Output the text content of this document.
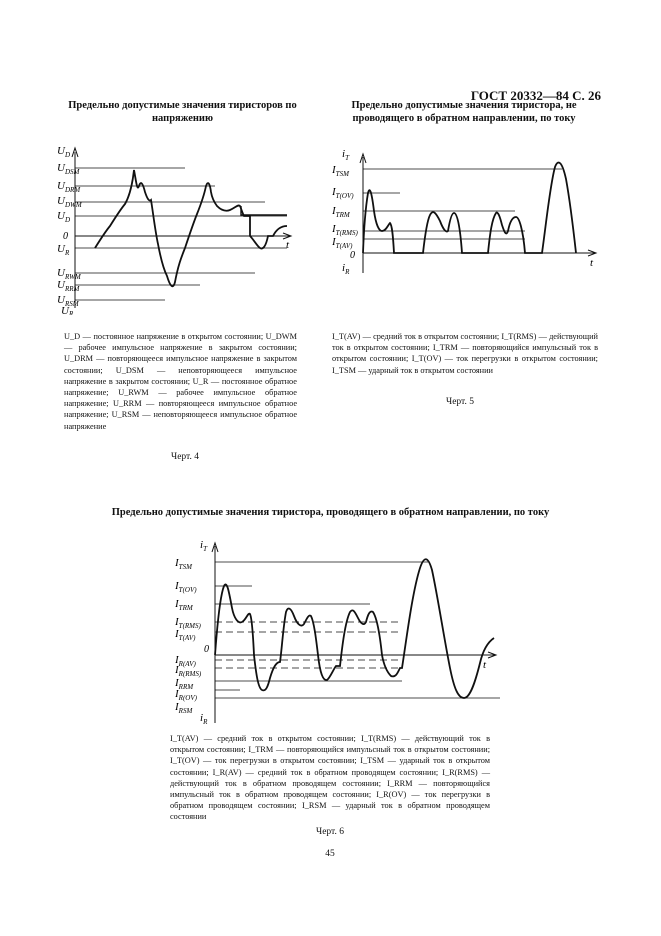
ГОСТ 20332—84 С. 26
Предельно допустимые значения тиристоров по напряжению
$U_D$
$U_{DSM}$
$U_{DRM}$
$U_{DWM}$
$U_D$
0
t
$U_R$
$U_{RWM}$
$U_{RRM}$
$U_{RSM}$
UR
U_D — постоянное напряжение в открытом состоянии; U_DWM — рабочее импульсное напряжение в закрытом состоянии; U_DRM — повторяющееся импульсное напряжение в закрытом состоянии; U_DSM — неповторяющееся импульсное напряжение в закрытом состоянии; U_R — постоянное обратное напряжение; U_RWM — рабочее импульсное обратное напряжение; U_RRM — повторяющееся импульсное обратное напряжение; U_RSM — неповторяющееся импульсное обратное напряжение
Черт. 4
Предельно допустимые значения тиристора, не проводящего в обратном направлении, по току
$i_T$
$I_{TSM}$
$I_{T(OV)}$
$I_{TRM}$
$I_{T(RMS)}$
$I_{T(AV)}$
0
t
$i_R$
I_T(AV) — средний ток в открытом состоянии; I_T(RMS) — действующий ток в открытом состоянии; I_TRM — повторяющийся импульсный ток в открытом состоянии; I_T(OV) — ток перегрузки в открытом состоянии; I_TSM — ударный ток в открытом состоянии
Черт. 5
Предельно допустимые значения тиристора, проводящего в обратном направлении, по току
$i_T$
$I_{TSM}$
$I_{T(OV)}$
$I_{TRM}$
$I_{T(RMS)}$
$I_{T(AV)}$
0
$I_{R(AV)}$
$I_{R(RMS)}$
t
$I_{RRM}$
$I_{R(OV)}$
$I_{RSM}$
$i_R$
I_T(AV) — средний ток в открытом состоянии; I_T(RMS) — действующий ток в открытом состоянии; I_TRM — повторяющийся импульсный ток в открытом состоянии; I_T(OV) — ток перегрузки в открытом состоянии; I_TSM — ударный ток в открытом состоянии; I_R(AV) — средний ток в обратном проводящем состоянии; I_R(RMS) — действующий ток в обратном проводящем состоянии; I_RRM — повторяющийся импульсный ток в обратном проводящем состоянии; I_R(OV) — ток перегрузки в обратном проводящем состоянии; I_RSM — ударный ток в обратном проводящем состоянии
Черт. 6
45
